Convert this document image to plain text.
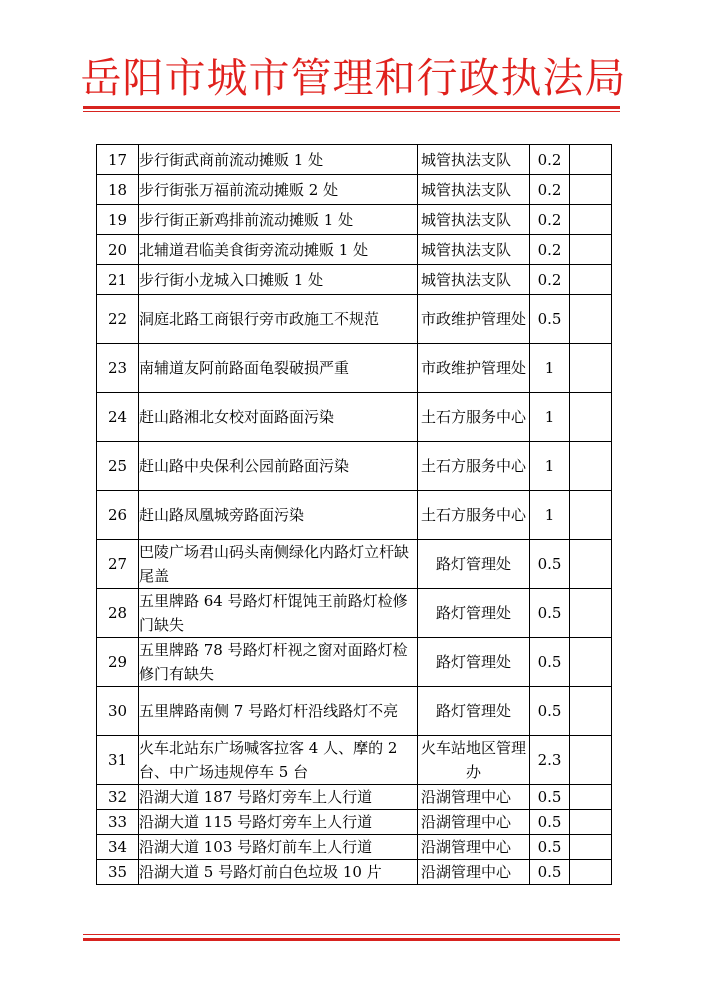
岳阳市城市管理和行政执法局
17	步行街武商前流动摊贩 1 处	城管执法支队	0.2	
18	步行街张万福前流动摊贩 2 处	城管执法支队	0.2	
19	步行街正新鸡排前流动摊贩 1 处	城管执法支队	0.2	
20	北辅道君临美食街旁流动摊贩 1 处	城管执法支队	0.2	
21	步行街小龙城入口摊贩 1 处	城管执法支队	0.2	
22	洞庭北路工商银行旁市政施工不规范	市政维护管理处	0.5	
23	南辅道友阿前路面龟裂破损严重	市政维护管理处	1	
24	赶山路湘北女校对面路面污染	土石方服务中心	1	
25	赶山路中央保利公园前路面污染	土石方服务中心	1	
26	赶山路凤凰城旁路面污染	土石方服务中心	1	
27	巴陵广场君山码头南侧绿化内路灯立杆缺尾盖	路灯管理处	0.5	
28	五里牌路 64 号路灯杆馄饨王前路灯检修门缺失	路灯管理处	0.5	
29	五里牌路 78 号路灯杆视之窗对面路灯检修门有缺失	路灯管理处	0.5	
30	五里牌路南侧 7 号路灯杆沿线路灯不亮	路灯管理处	0.5	
31	火车北站东广场喊客拉客 4 人、摩的 2 台、中广场违规停车 5 台	火车站地区管理办	2.3	
32	沿湖大道 187 号路灯旁车上人行道	沿湖管理中心	0.5	
33	沿湖大道 115 号路灯旁车上人行道	沿湖管理中心	0.5	
34	沿湖大道 103 号路灯前车上人行道	沿湖管理中心	0.5	
35	沿湖大道 5 号路灯前白色垃圾 10 片	沿湖管理中心	0.5	
